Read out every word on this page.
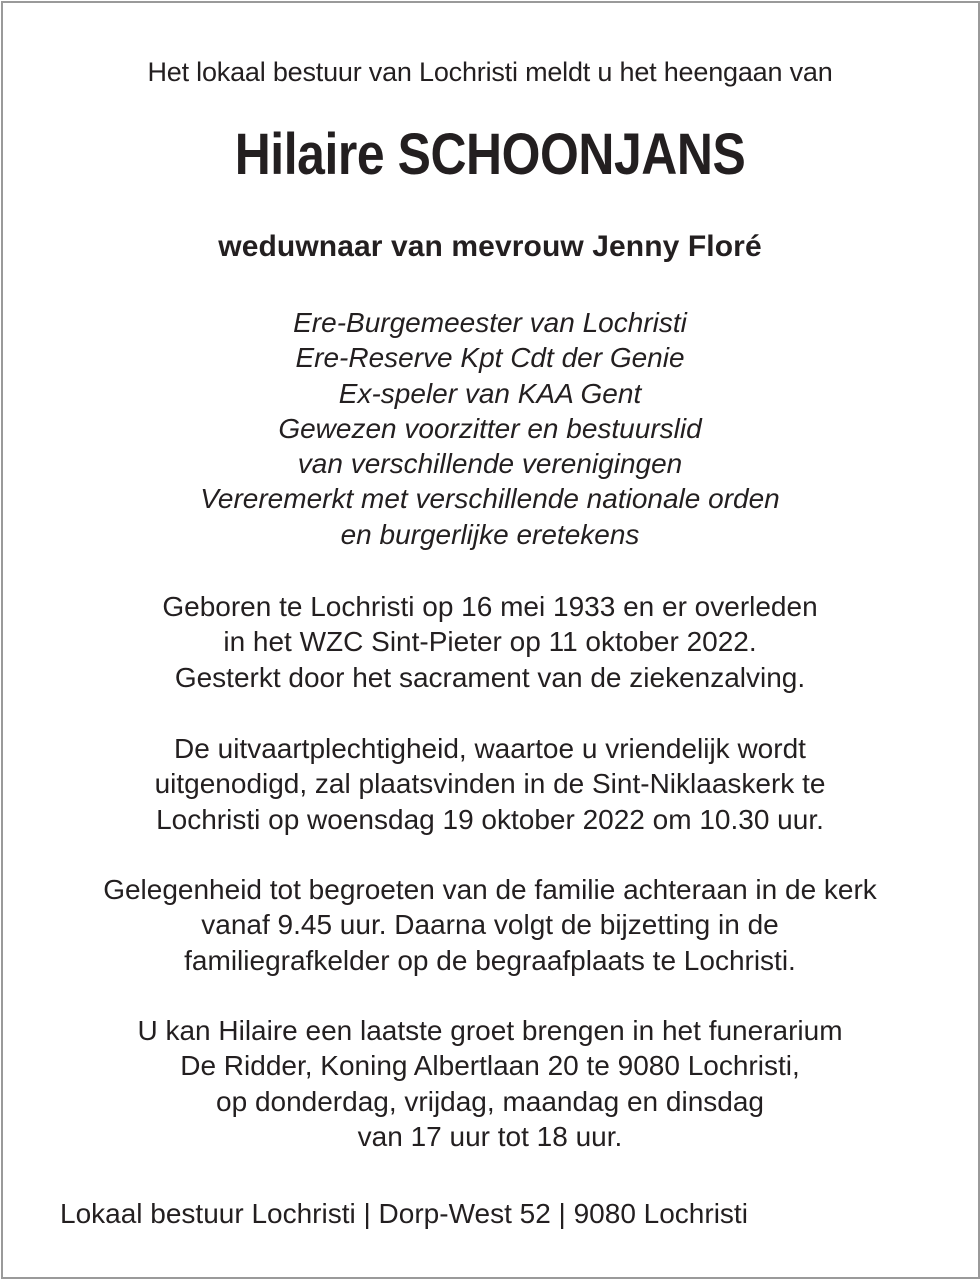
Het lokaal bestuur van Lochristi meldt u het heengaan van
Hilaire SCHOONJANS
weduwnaar van mevrouw Jenny Floré
Ere-Burgemeester van Lochristi
Ere-Reserve Kpt Cdt der Genie
Ex-speler van KAA Gent
Gewezen voorzitter en bestuurslid
van verschillende verenigingen
Vereremerkt met verschillende nationale orden
en burgerlijke eretekens
Geboren te Lochristi op 16 mei 1933 en er overleden
in het WZC Sint-Pieter op 11 oktober 2022.
Gesterkt door het sacrament van de ziekenzalving.
De uitvaartplechtigheid, waartoe u vriendelijk wordt
uitgenodigd, zal plaatsvinden in de Sint-Niklaaskerk te
Lochristi op woensdag 19 oktober 2022 om 10.30 uur.
Gelegenheid tot begroeten van de familie achteraan in de kerk
vanaf 9.45 uur. Daarna volgt de bijzetting in de
familiegrafkelder op de begraafplaats te Lochristi.
U kan Hilaire een laatste groet brengen in het funerarium
De Ridder, Koning Albertlaan 20 te 9080 Lochristi,
op donderdag, vrijdag, maandag en dinsdag
van 17 uur tot 18 uur.
Lokaal bestuur Lochristi | Dorp-West 52 | 9080 Lochristi
